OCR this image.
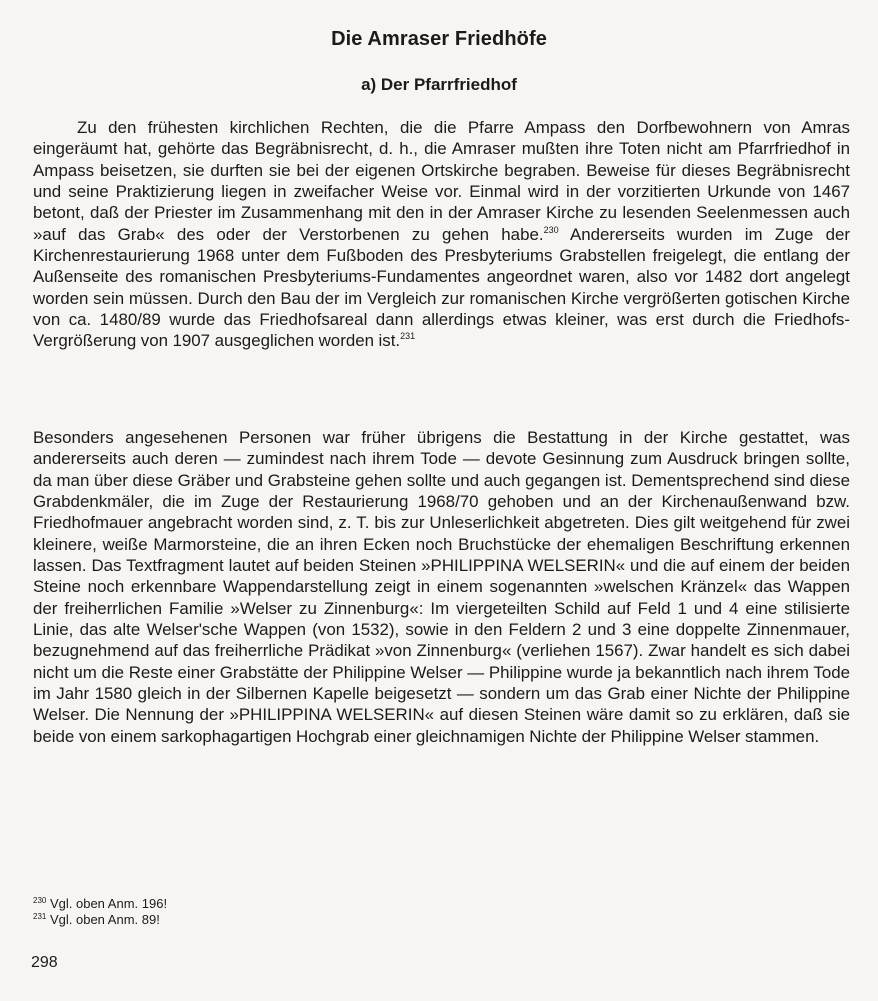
Die Amraser Friedhöfe
a) Der Pfarrfriedhof

Zu den frühesten kirchlichen Rechten, die die Pfarre Ampass den Dorfbewohnern von Amras eingeräumt hat, gehörte das Begräbnisrecht, d. h., die Amraser mußten ihre Toten nicht am Pfarrfriedhof in Ampass beisetzen, sie durften sie bei der eigenen Ortskirche begraben. Beweise für dieses Begräbnisrecht und seine Praktizierung liegen in zweifacher Weise vor. Einmal wird in der vorzitierten Urkunde von 1467 betont, daß der Priester im Zusammenhang mit den in der Amraser Kirche zu lesenden Seelenmessen auch »auf das Grab« des oder der Verstorbenen zu gehen habe.$^{230}$ Andererseits wurden im Zuge der Kirchenrestaurierung 1968 unter dem Fußboden des Presbyteriums Grabstellen freigelegt, die entlang der Außenseite des romanischen Presbyteriums-Fundamentes angeordnet waren, also vor 1482 dort angelegt worden sein müssen. Durch den Bau der im Vergleich zur romanischen Kirche vergrößerten gotischen Kirche von ca. 1480/89 wurde das Friedhofsareal dann allerdings etwas kleiner, was erst durch die Friedhofs-Vergrößerung von 1907 ausgeglichen worden ist.$^{231}$

Besonders angesehenen Personen war früher übrigens die Bestattung in der Kirche gestattet, was andererseits auch deren — zumindest nach ihrem Tode — devote Gesinnung zum Ausdruck bringen sollte, da man über diese Gräber und Grabsteine gehen sollte und auch gegangen ist. Dementsprechend sind diese Grabdenkmäler, die im Zuge der Restaurierung 1968/70 gehoben und an der Kirchenaußenwand bzw. Friedhofmauer angebracht worden sind, z. T. bis zur Unleserlichkeit abgetreten. Dies gilt weitgehend für zwei kleinere, weiße Marmorsteine, die an ihren Ecken noch Bruchstücke der ehemaligen Beschriftung erkennen lassen. Das Textfragment lautet auf beiden Steinen »PHILIPPINA WELSERIN« und die auf einem der beiden Steine noch erkennbare Wappendarstellung zeigt in einem sogenannten »welschen Kränzel« das Wappen der freiherrlichen Familie »Welser zu Zinnenburg«: Im viergeteilten Schild auf Feld 1 und 4 eine stilisierte Linie, das alte Welser'sche Wappen (von 1532), sowie in den Feldern 2 und 3 eine doppelte Zinnenmauer, bezugnehmend auf das freiherrliche Prädikat »von Zinnenburg« (verliehen 1567). Zwar handelt es sich dabei nicht um die Reste einer Grabstätte der Philippine Welser — Philippine wurde ja bekanntlich nach ihrem Tode im Jahr 1580 gleich in der Silbernen Kapelle beigesetzt — sondern um das Grab einer Nichte der Philippine Welser. Die Nennung der »PHILIPPINA WELSERIN« auf diesen Steinen wäre damit so zu erklären, daß sie beide von einem sarkophagartigen Hochgrab einer gleichnamigen Nichte der Philippine Welser stammen.

$^{230}$ Vgl. oben Anm. 196!
$^{231}$ Vgl. oben Anm. 89!
298
